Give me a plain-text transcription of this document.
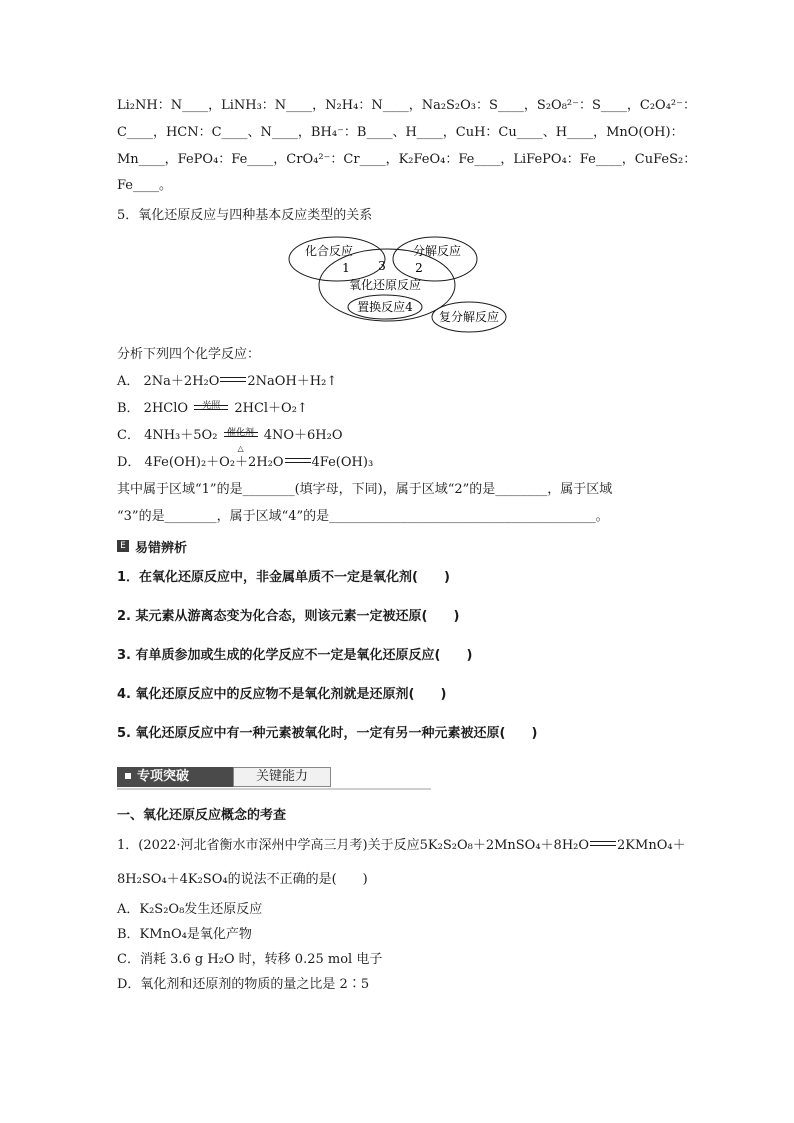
Li₂NH：N____，LiNH₃：N____，N₂H₄：N____，Na₂S₂O₃：S____，S₂O₈²⁻：S____，C₂O₄²⁻：
C____，HCN：C____、N____，BH₄⁻：B____、H____，CuH：Cu____、H____，MnO(OH)：
Mn____，FePO₄：Fe____，CrO₄²⁻：Cr____，K₂FeO₄：Fe____，LiFePO₄：Fe____，CuFeS₂：
Fe____。
5．氧化还原反应与四种基本反应类型的关系
化合反应	分解反应
1 3 2
氧化还原反应
置换反应4
复分解反应
分析下列四个化学反应：
A． 2Na＋2H₂O 2NaOH＋H₂↑
B． 2HClO	光照	2HCl＋O₂↑
C． 4NH₃＋5O₂	催化剂
△
4NO＋6H₂O
D． 4Fe(OH)₂＋O₂＋2H₂O 4Fe(OH)₃
其中属于区域“1”的是________(填字母，下同)，属于区域“2”的是________，属于区域
“3”的是________，属于区域“4”的是_________________________________________。
E 易错辨析
1．在氧化还原反应中，非金属单质不一定是氧化剂(　　)
2. 某元素从游离态变为化合态，则该元素一定被还原(　　)
3. 有单质参加或生成的化学反应不一定是氧化还原反应(　　)
4. 氧化还原反应中的反应物不是氧化剂就是还原剂(　　)
5. 氧化还原反应中有一种元素被氧化时，一定有另一种元素被还原(　　)
专项突破	关键能力
一、氧化还原反应概念的考查
1．(2022·河北省衡水市深州中学高三月考)关于反应5K₂S₂O₈＋2MnSO₄＋8H₂O 2KMnO₄＋
8H₂SO₄＋4K₂SO₄的说法不正确的是(　　)
A．K₂S₂O₈发生还原反应
B．KMnO₄是氧化产物
C．消耗 3.6 g H₂O 时，转移 0.25 mol 电子
D．氧化剂和还原剂的物质的量之比是 2∶5
